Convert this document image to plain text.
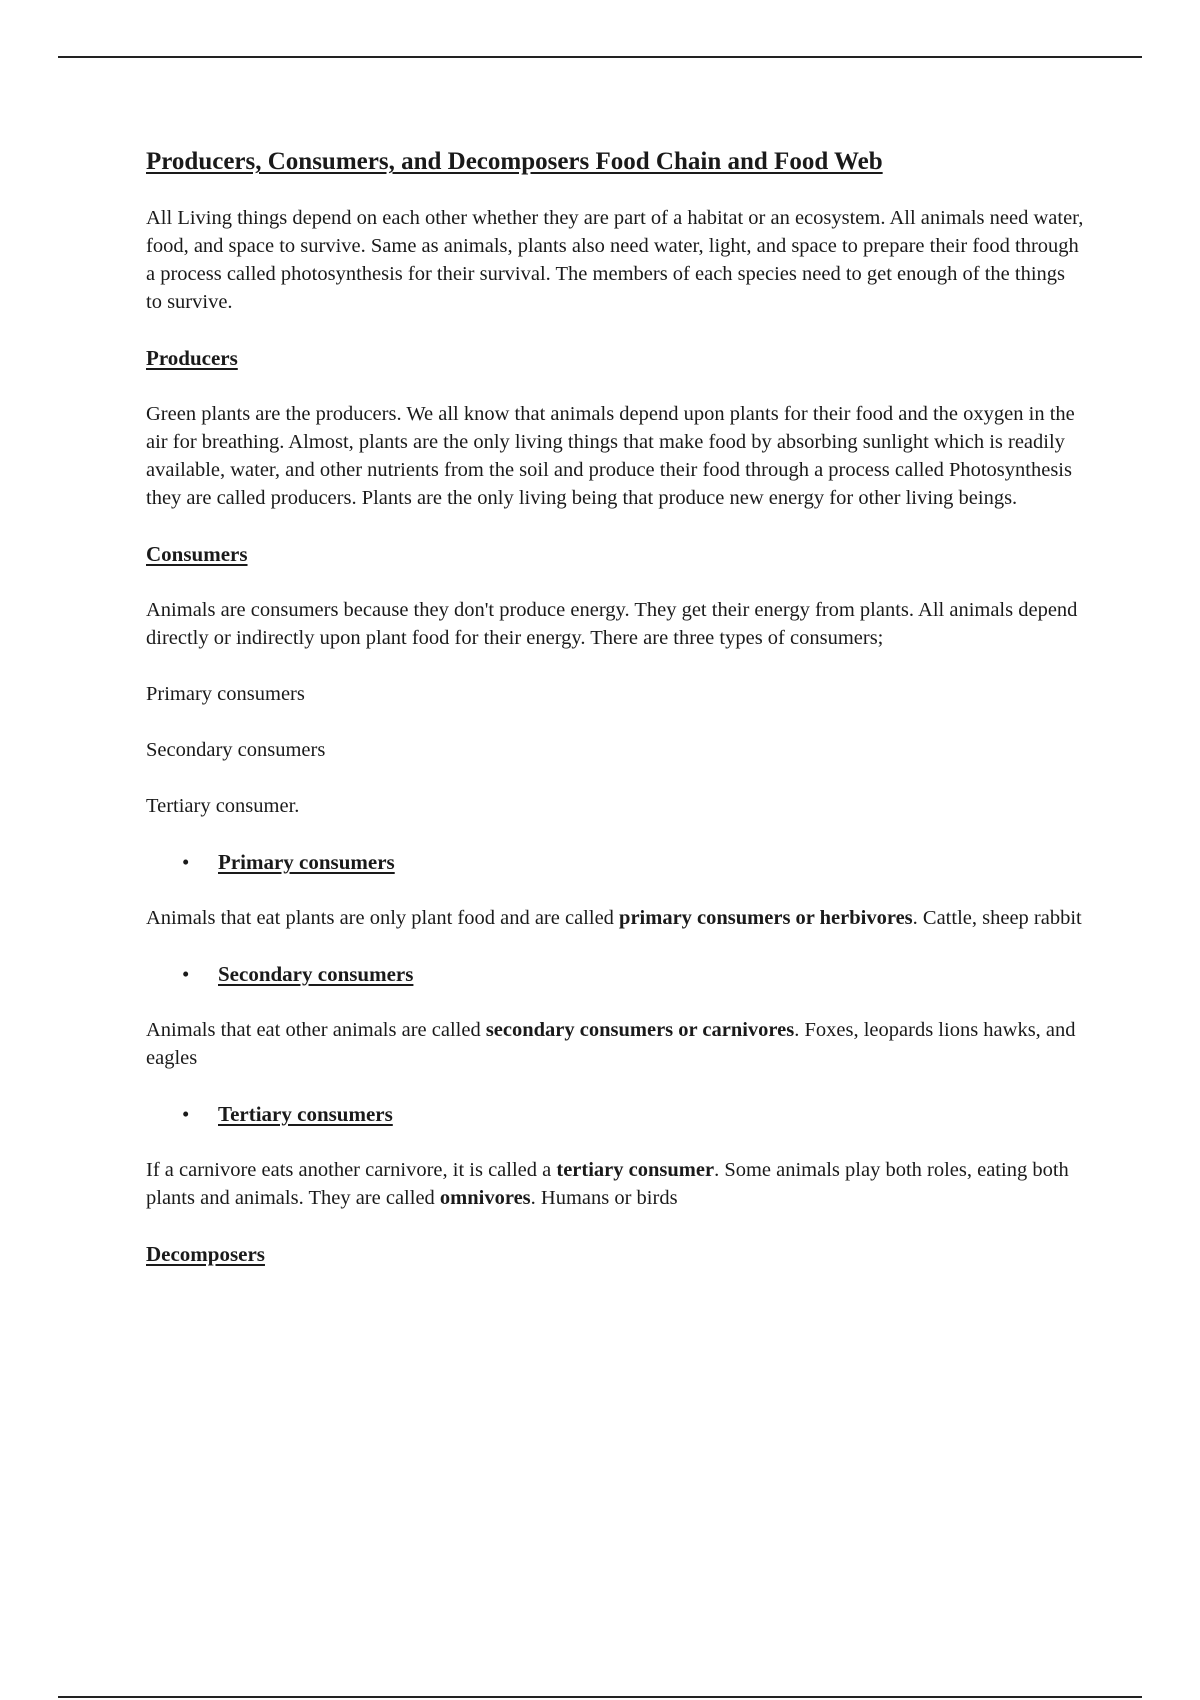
Producers, Consumers, and Decomposers Food Chain and Food Web

All Living things depend on each other whether they are part of a habitat or an ecosystem. All animals need water, food, and space to survive. Same as animals, plants also need water, light, and space to prepare their food through a process called photosynthesis for their survival. The members of each species need to get enough of the things to survive.

Producers

Green plants are the producers. We all know that animals depend upon plants for their food and the oxygen in the air for breathing. Almost, plants are the only living things that make food by absorbing sunlight which is readily available, water, and other nutrients from the soil and produce their food through a process called Photosynthesis they are called producers. Plants are the only living being that produce new energy for other living beings.

Consumers

Animals are consumers because they don't produce energy. They get their energy from plants. All animals depend directly or indirectly upon plant food for their energy. There are three types of consumers;

Primary consumers

Secondary consumers

Tertiary consumer.

• Primary consumers

Animals that eat plants are only plant food and are called primary consumers or herbivores. Cattle, sheep rabbit

• Secondary consumers

Animals that eat other animals are called secondary consumers or carnivores. Foxes, leopards lions hawks, and eagles

• Tertiary consumers

If a carnivore eats another carnivore, it is called a tertiary consumer. Some animals play both roles, eating both plants and animals. They are called omnivores. Humans or birds

Decomposers
